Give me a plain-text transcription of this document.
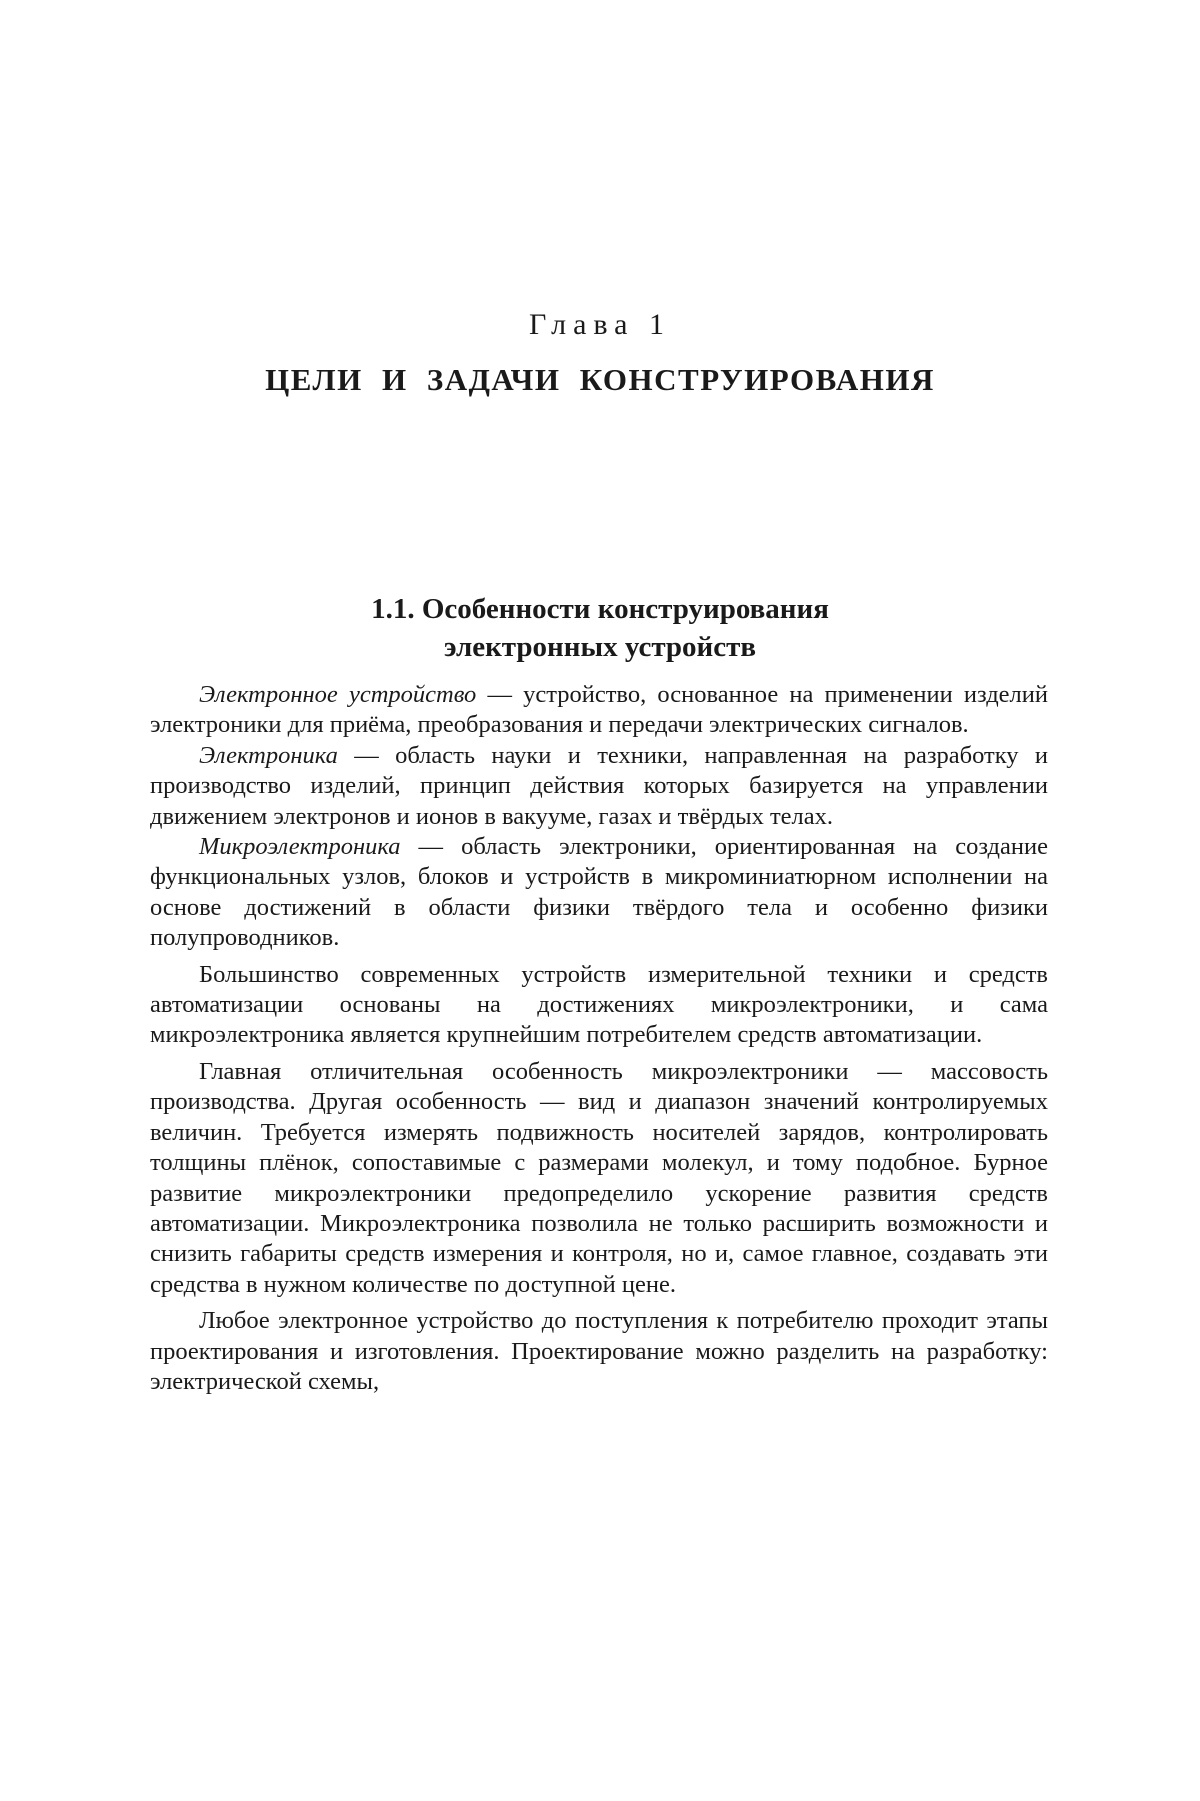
Глава 1
ЦЕЛИ И ЗАДАЧИ КОНСТРУИРОВАНИЯ
1.1. Особенности конструирования
электронных устройств

Электронное устройство — устройство, основанное на применении изделий электроники для приёма, преобразования и передачи электрических сигналов.

Электроника — область науки и техники, направленная на разработку и производство изделий, принцип действия которых базируется на управлении движением электронов и ионов в вакууме, газах и твёрдых телах.

Микроэлектроника — область электроники, ориентированная на создание функциональных узлов, блоков и устройств в микроминиатюрном исполнении на основе достижений в области физики твёрдого тела и особенно физики полупроводников.

Большинство современных устройств измерительной техники и средств автоматизации основаны на достижениях микроэлектроники, и сама микроэлектроника является крупнейшим потребителем средств автоматизации.

Главная отличительная особенность микроэлектроники — массовость производства. Другая особенность — вид и диапазон значений контролируемых величин. Требуется измерять подвижность носителей зарядов, контролировать толщины плёнок, сопоставимые с размерами молекул, и тому подобное. Бурное развитие микроэлектроники предопределило ускорение развития средств автоматизации. Микроэлектроника позволила не только расширить возможности и снизить габариты средств измерения и контроля, но и, самое главное, создавать эти средства в нужном количестве по доступной цене.

Любое электронное устройство до поступления к потребителю проходит этапы проектирования и изготовления. Проектирование можно разделить на разработку: электрической схемы,
